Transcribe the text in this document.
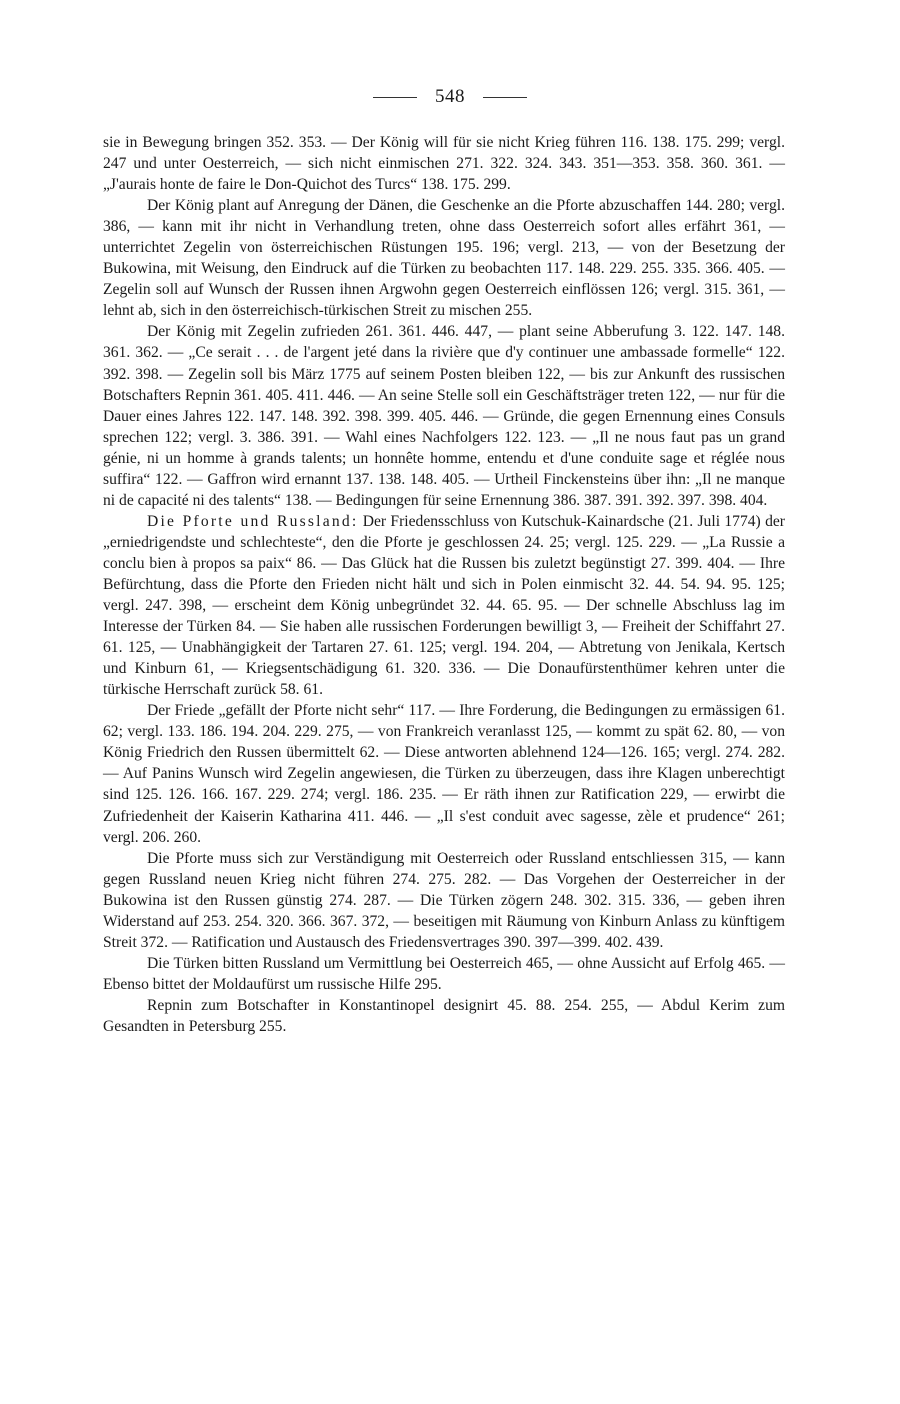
548

sie in Bewegung bringen 352. 353. — Der König will für sie nicht Krieg führen 116. 138. 175. 299; vergl. 247 und unter Oesterreich, — sich nicht einmischen 271. 322. 324. 343. 351—353. 358. 360. 361. — „J'aurais honte de faire le Don-Quichot des Turcs“ 138. 175. 299.

Der König plant auf Anregung der Dänen, die Geschenke an die Pforte abzuschaffen 144. 280; vergl. 386, — kann mit ihr nicht in Verhandlung treten, ohne dass Oesterreich sofort alles erfährt 361, — unterrichtet Zegelin von österreichischen Rüstungen 195. 196; vergl. 213, — von der Besetzung der Bukowina, mit Weisung, den Eindruck auf die Türken zu beobachten 117. 148. 229. 255. 335. 366. 405. — Zegelin soll auf Wunsch der Russen ihnen Argwohn gegen Oesterreich einflössen 126; vergl. 315. 361, — lehnt ab, sich in den österreichisch-türkischen Streit zu mischen 255.

Der König mit Zegelin zufrieden 261. 361. 446. 447, — plant seine Abberufung 3. 122. 147. 148. 361. 362. — „Ce serait . . . de l'argent jeté dans la rivière que d'y continuer une ambassade formelle“ 122. 392. 398. — Zegelin soll bis März 1775 auf seinem Posten bleiben 122, — bis zur Ankunft des russischen Botschafters Repnin 361. 405. 411. 446. — An seine Stelle soll ein Geschäftsträger treten 122, — nur für die Dauer eines Jahres 122. 147. 148. 392. 398. 399. 405. 446. — Gründe, die gegen Ernennung eines Consuls sprechen 122; vergl. 3. 386. 391. — Wahl eines Nachfolgers 122. 123. — „Il ne nous faut pas un grand génie, ni un homme à grands talents; un honnête homme, entendu et d'une conduite sage et réglée nous suffira“ 122. — Gaffron wird ernannt 137. 138. 148. 405. — Urtheil Finckensteins über ihn: „Il ne manque ni de capacité ni des talents“ 138. — Bedingungen für seine Ernennung 386. 387. 391. 392. 397. 398. 404.

Die Pforte und Russland: Der Friedensschluss von Kutschuk-Kainardsche (21. Juli 1774) der „erniedrigendste und schlechteste“, den die Pforte je geschlossen 24. 25; vergl. 125. 229. — „La Russie a conclu bien à propos sa paix“ 86. — Das Glück hat die Russen bis zuletzt begünstigt 27. 399. 404. — Ihre Befürchtung, dass die Pforte den Frieden nicht hält und sich in Polen einmischt 32. 44. 54. 94. 95. 125; vergl. 247. 398, — erscheint dem König unbegründet 32. 44. 65. 95. — Der schnelle Abschluss lag im Interesse der Türken 84. — Sie haben alle russischen Forderungen bewilligt 3, — Freiheit der Schiffahrt 27. 61. 125, — Unabhängigkeit der Tartaren 27. 61. 125; vergl. 194. 204, — Abtretung von Jenikala, Kertsch und Kinburn 61, — Kriegsentschädigung 61. 320. 336. — Die Donaufürstenthümer kehren unter die türkische Herrschaft zurück 58. 61.

Der Friede „gefällt der Pforte nicht sehr“ 117. — Ihre Forderung, die Bedingungen zu ermässigen 61. 62; vergl. 133. 186. 194. 204. 229. 275, — von Frankreich veranlasst 125, — kommt zu spät 62. 80, — von König Friedrich den Russen übermittelt 62. — Diese antworten ablehnend 124—126. 165; vergl. 274. 282. — Auf Panins Wunsch wird Zegelin angewiesen, die Türken zu überzeugen, dass ihre Klagen unberechtigt sind 125. 126. 166. 167. 229. 274; vergl. 186. 235. — Er räth ihnen zur Ratification 229, — erwirbt die Zufriedenheit der Kaiserin Katharina 411. 446. — „Il s'est conduit avec sagesse, zèle et prudence“ 261; vergl. 206. 260.

Die Pforte muss sich zur Verständigung mit Oesterreich oder Russland entschliessen 315, — kann gegen Russland neuen Krieg nicht führen 274. 275. 282. — Das Vorgehen der Oesterreicher in der Bukowina ist den Russen günstig 274. 287. — Die Türken zögern 248. 302. 315. 336, — geben ihren Widerstand auf 253. 254. 320. 366. 367. 372, — beseitigen mit Räumung von Kinburn Anlass zu künftigem Streit 372. — Ratification und Austausch des Friedensvertrages 390. 397—399. 402. 439.

Die Türken bitten Russland um Vermittlung bei Oesterreich 465, — ohne Aussicht auf Erfolg 465. — Ebenso bittet der Moldaufürst um russische Hilfe 295.

Repnin zum Botschafter in Konstantinopel designirt 45. 88. 254. 255, — Abdul Kerim zum Gesandten in Petersburg 255.
